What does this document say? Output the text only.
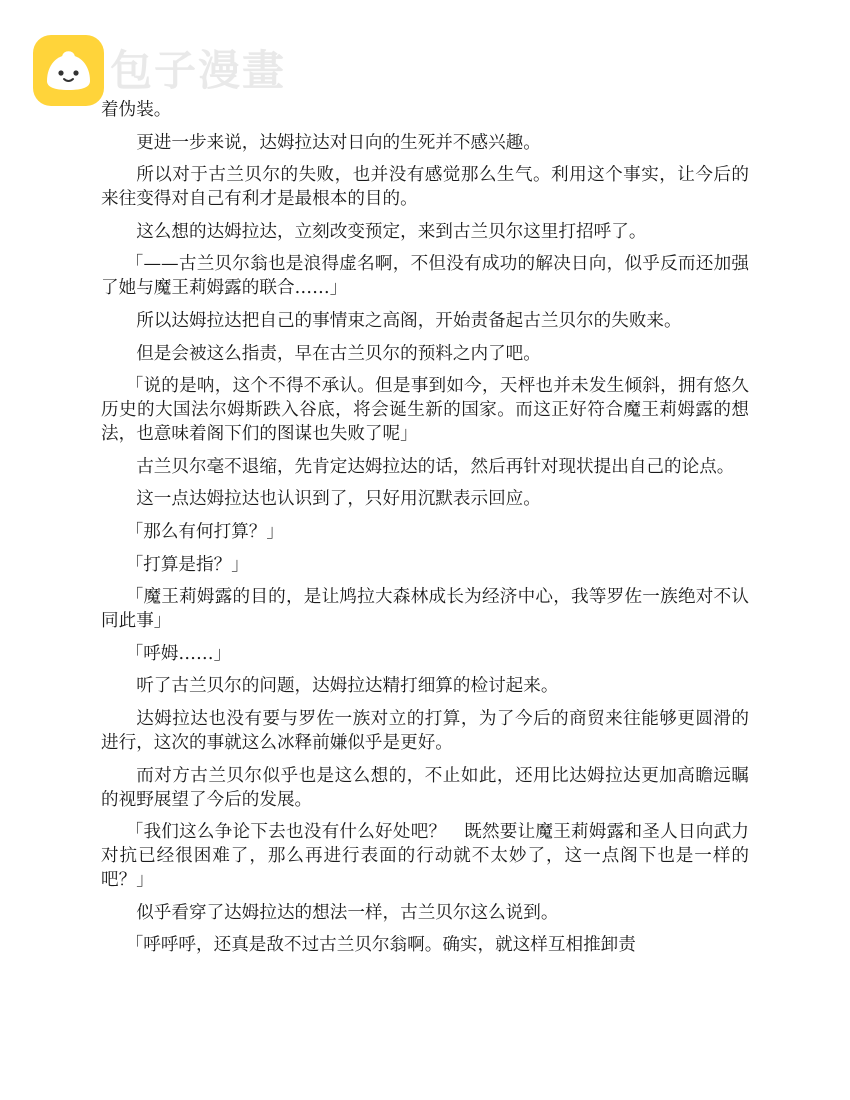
包子漫畫

着伪装。

更进一步来说，达姆拉达对日向的生死并不感兴趣。

所以对于古兰贝尔的失败，也并没有感觉那么生气。利用这个事实，让今后的来往变得对自己有利才是最根本的目的。

这么想的达姆拉达，立刻改变预定，来到古兰贝尔这里打招呼了。

「——古兰贝尔翁也是浪得虚名啊，不但没有成功的解决日向，似乎反而还加强了她与魔王莉姆露的联合……」

所以达姆拉达把自己的事情束之高阁，开始责备起古兰贝尔的失败来。

但是会被这么指责，早在古兰贝尔的预料之内了吧。

「说的是呐，这个不得不承认。但是事到如今，天枰也并未发生倾斜，拥有悠久历史的大国法尔姆斯跌入谷底，将会诞生新的国家。而这正好符合魔王莉姆露的想法，也意味着阁下们的图谋也失败了呢」

古兰贝尔毫不退缩，先肯定达姆拉达的话，然后再针对现状提出自己的论点。

这一点达姆拉达也认识到了，只好用沉默表示回应。

「那么有何打算？」

「打算是指？」

「魔王莉姆露的目的，是让鸠拉大森林成长为经济中心，我等罗佐一族绝对不认同此事」

「呼姆……」

听了古兰贝尔的问题，达姆拉达精打细算的检讨起来。

达姆拉达也没有要与罗佐一族对立的打算，为了今后的商贸来往能够更圆滑的进行，这次的事就这么冰释前嫌似乎是更好。

而对方古兰贝尔似乎也是这么想的，不止如此，还用比达姆拉达更加高瞻远瞩的视野展望了今后的发展。

「我们这么争论下去也没有什么好处吧？　既然要让魔王莉姆露和圣人日向武力对抗已经很困难了，那么再进行表面的行动就不太妙了，这一点阁下也是一样的吧？」

似乎看穿了达姆拉达的想法一样，古兰贝尔这么说到。

「呼呼呼，还真是敌不过古兰贝尔翁啊。确实，就这样互相推卸责
